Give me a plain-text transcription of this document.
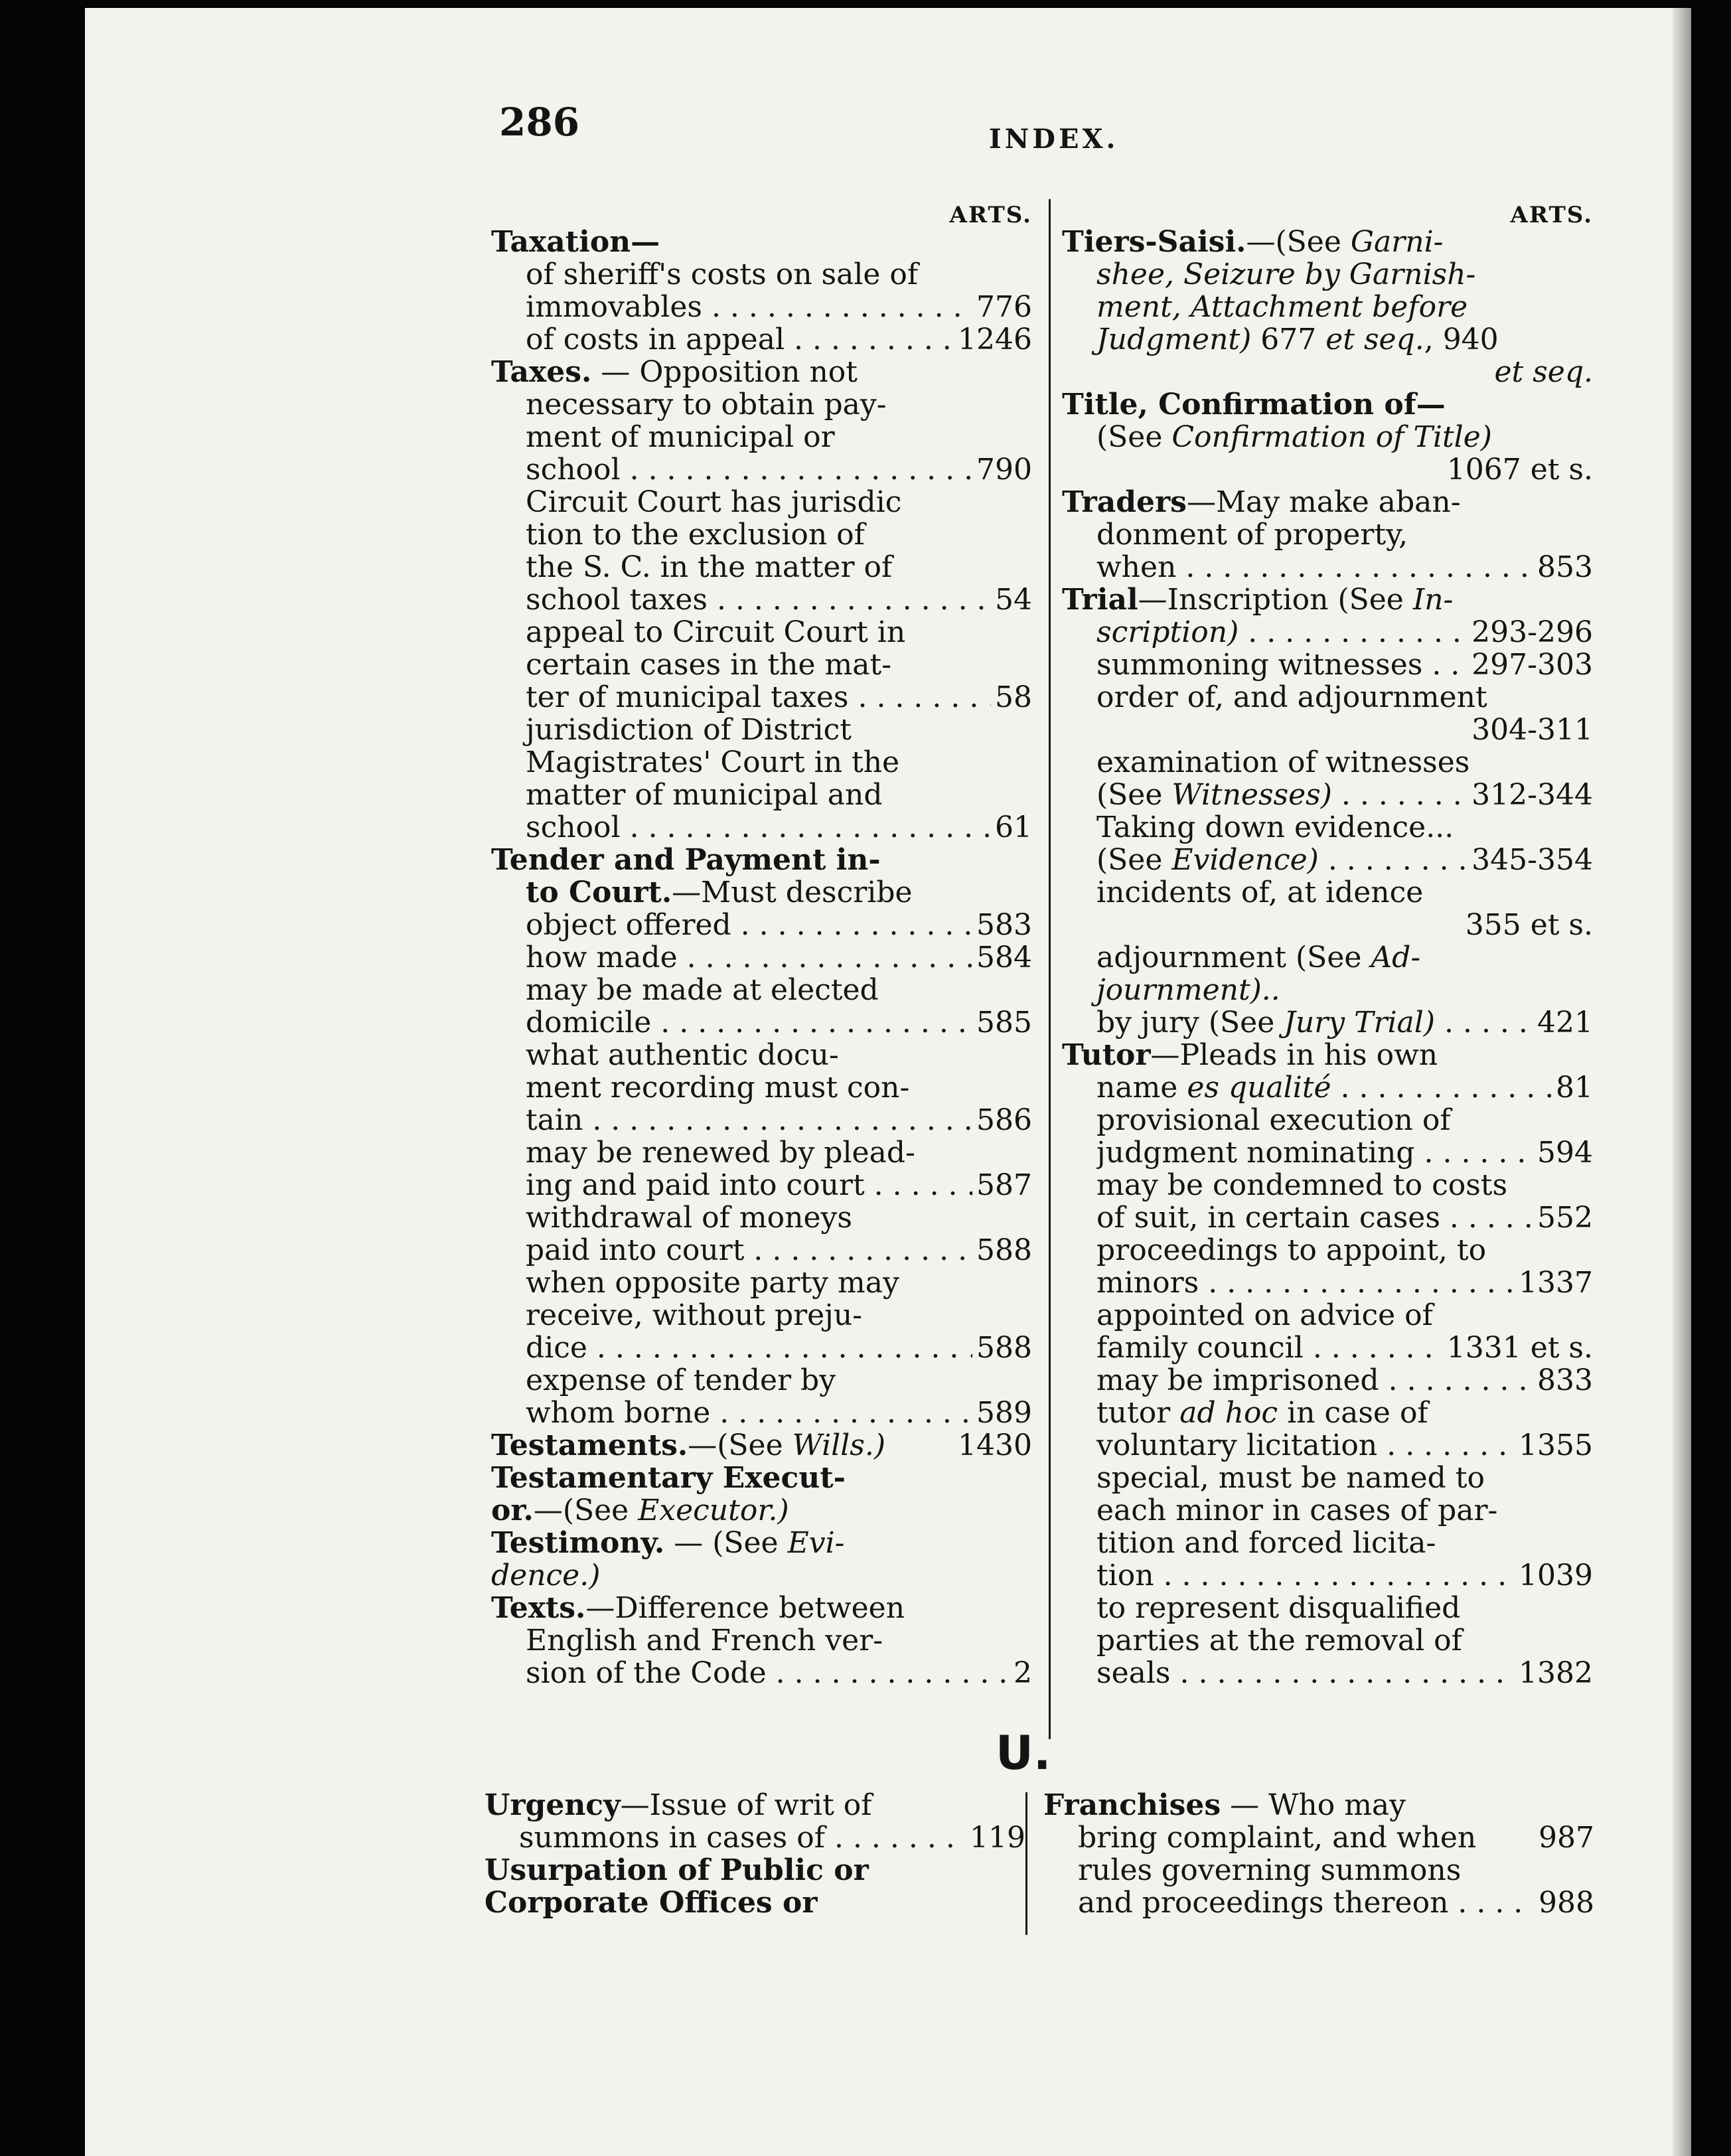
286	INDEX.
ARTS.
Taxation—
of sheriff's costs on sale of
immovables . . .	776
of costs in appeal . . .	1246
Taxes. — Opposition not
necessary to obtain pay-
ment of municipal or
school . . .	790
Circuit Court has jurisdic
tion to the exclusion of
the S. C. in the matter of
school taxes . . .	54
appeal to Circuit Court in
certain cases in the mat-
ter of municipal taxes . . .	58
jurisdiction of District
Magistrates' Court in the
matter of municipal and
school . . .	61
Tender and Payment in-
to Court.—Must describe
object offered . . .	583
how made . . .	584
may be made at elected
domicile . . .	585
what authentic docu-
ment recording must con-
tain . . .	586
may be renewed by plead-
ing and paid into court . . .	587
withdrawal of moneys
paid into court . . .	588
when opposite party may
receive, without preju-
dice . . .	588
expense of tender by
whom borne . . .	589
Testaments.—(See Wills.) 1430
Testamentary Execut-
or.—(See Executor.)
Testimony. — (See Evi-
dence.)
Texts.—Difference between
English and French ver-
sion of the Code . . .	2
ARTS.
Tiers-Saisi.—(See Garni-
shee, Seizure by Garnish-
ment, Attachment before
Judgment) 677 et seq., 940
et seq.
Title, Confirmation of—
(See Confirmation of Title)
1067 et s.
Traders—May make aban-
donment of property,
when . . .	853
Trial—Inscription (See In-
scription) . . .	293-296
summoning witnesses . . .	297-303
order of, and adjournment
304-311
examination of witnesses
(See Witnesses) . . .	312-344
Taking down evidence...
(See Evidence) . . .	345-354
incidents of, at idence
355 et s.
adjournment (See Ad-
journment)..
by jury (See Jury Trial) . . .	421
Tutor—Pleads in his own
name es qualité . . .	81
provisional execution of
judgment nominating . . .	594
may be condemned to costs
of suit, in certain cases . . .	552
proceedings to appoint, to
minors . . .	1337
appointed on advice of
family council . . .	1331 et s.
may be imprisoned . . .	833
tutor ad hoc in case of
voluntary licitation . . .	1355
special, must be named to
each minor in cases of par-
tition and forced licita-
tion . . .	1039
to represent disqualified
parties at the removal of
seals . . .	1382
U.
Urgency—Issue of writ of
summons in cases of . . .	119
Usurpation of Public or
Corporate Offices or
Franchises — Who may
bring complaint, and when 987
rules governing summons
and proceedings thereon . . .	988
